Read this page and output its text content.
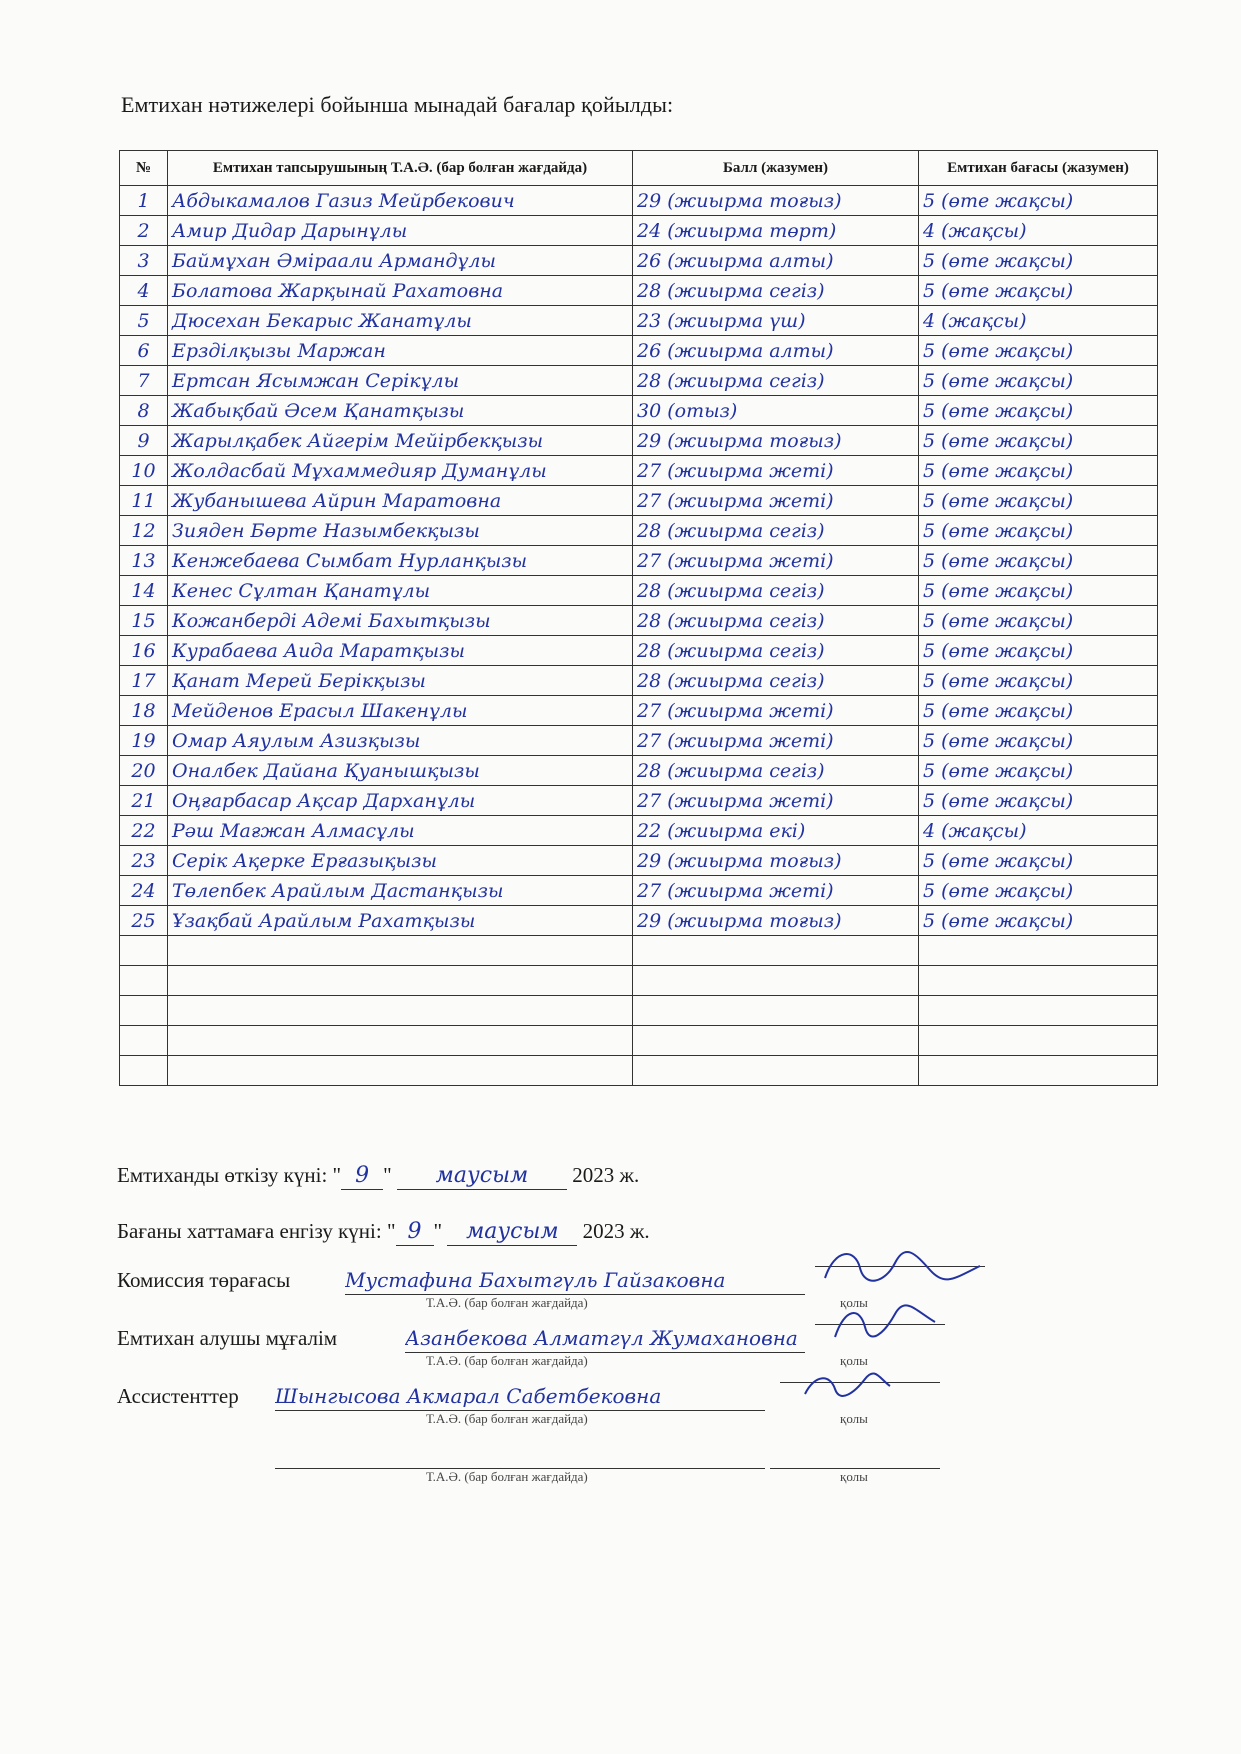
Емтихан нәтижелері бойынша мынадай бағалар қойылды:
№	Емтихан тапсырушының Т.А.Ә. (бар болған жағдайда)	Балл (жазумен)	Емтихан бағасы (жазумен)
1	Абдыкамалов Газиз Мейрбекович	29 (жиырма тоғыз)	5 (өте жақсы)
2	Амир Дидар Дарынұлы	24 (жиырма төрт)	4 (жақсы)
3	Баймұхан Әміраали Армандұлы	26 (жиырма алты)	5 (өте жақсы)
4	Болатова Жарқынай Рахатовна	28 (жиырма сегіз)	5 (өте жақсы)
5	Дюсехан Бекарыс Жанатұлы	23 (жиырма үш)	4 (жақсы)
6	Ерзділқызы Маржан	26 (жиырма алты)	5 (өте жақсы)
7	Ертсан Ясымжан Серікұлы	28 (жиырма сегіз)	5 (өте жақсы)
8	Жабықбай Әсем Қанатқызы	30 (отыз)	5 (өте жақсы)
9	Жарылқабек Айгерім Мейірбекқызы	29 (жиырма тоғыз)	5 (өте жақсы)
10	Жолдасбай Мұхаммедияр Думанұлы	27 (жиырма жеті)	5 (өте жақсы)
11	Жубанышева Айрин Маратовна	27 (жиырма жеті)	5 (өте жақсы)
12	Зияден Бөрте Назымбекқызы	28 (жиырма сегіз)	5 (өте жақсы)
13	Кенжебаева Сымбат Нурланқызы	27 (жиырма жеті)	5 (өте жақсы)
14	Кенес Сұлтан Қанатұлы	28 (жиырма сегіз)	5 (өте жақсы)
15	Кожанберді Адемі Бахытқызы	28 (жиырма сегіз)	5 (өте жақсы)
16	Курабаева Аида Маратқызы	28 (жиырма сегіз)	5 (өте жақсы)
17	Қанат Мерей Берікқызы	28 (жиырма сегіз)	5 (өте жақсы)
18	Мейденов Ерасыл Шакенұлы	27 (жиырма жеті)	5 (өте жақсы)
19	Омар Аяулым Азизқызы	27 (жиырма жеті)	5 (өте жақсы)
20	Оналбек Дайана Қуанышқызы	28 (жиырма сегіз)	5 (өте жақсы)
21	Оңғарбасар Ақсар Дарханұлы	27 (жиырма жеті)	5 (өте жақсы)
22	Рәш Мағжан Алмасұлы	22 (жиырма екі)	4 (жақсы)
23	Серік Ақерке Ерғазықызы	29 (жиырма тоғыз)	5 (өте жақсы)
24	Төлепбек Арайлым Дастанқызы	27 (жиырма жеті)	5 (өте жақсы)
25	Ұзақбай Арайлым Рахатқызы	29 (жиырма тоғыз)	5 (өте жақсы)

Емтиханды өткізу күні: " 9 " маусым 2023 ж.
Бағаны хаттамаға енгізу күні: " 9 " маусым 2023 ж.
Комиссия төрағасы	Мустафина Бахытгүль Гайзаковна
Т.А.Ә. (бар болған жағдайда)	қолы
Емтихан алушы мұғалім	Азанбекова Алматгүл Жумахановна
Т.А.Ә. (бар болған жағдайда)	қолы
Ассистенттер Шынгысова Акмарал Сабетбековна
Т.А.Ә. (бар болған жағдайда)	қолы
Т.А.Ә. (бар болған жағдайда)	қолы
